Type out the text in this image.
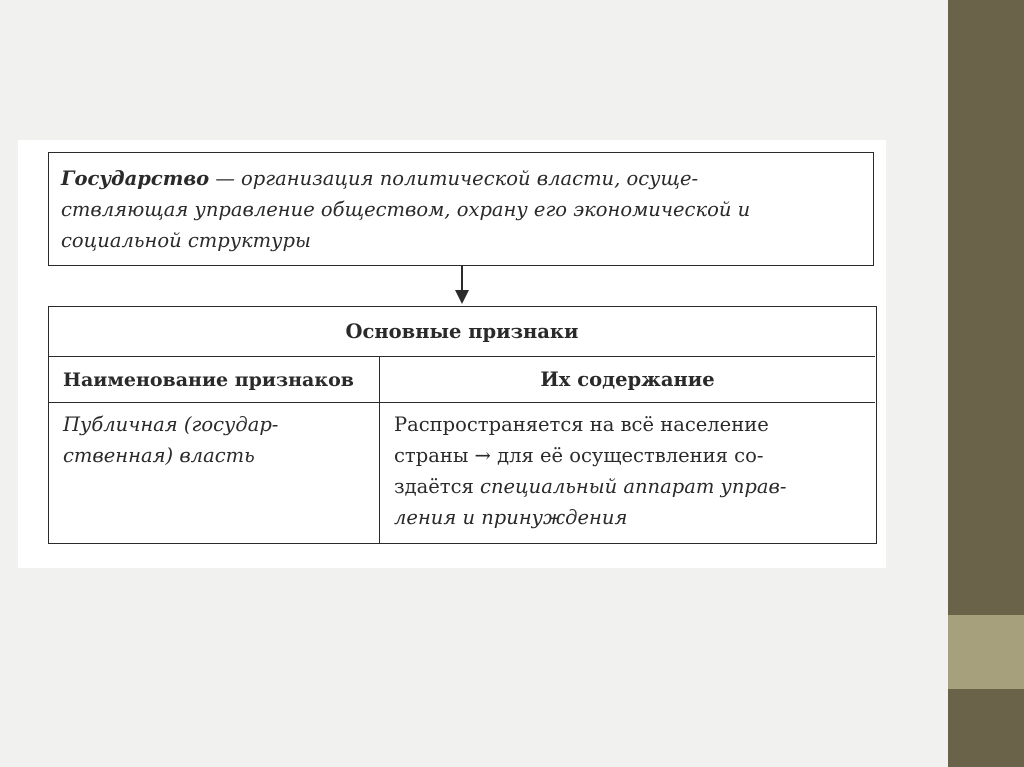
Государство — организация политической власти, осуще-
ствляющая управление обществом, охрану его экономической и
социальной структуры
Основные признаки
Наименование признаков	Их содержание
Публичная (государ-
ственная) власть
Распространяется на всё население
страны → для её осуществления со-
здаётся специальный аппарат управ-
ления и принуждения
